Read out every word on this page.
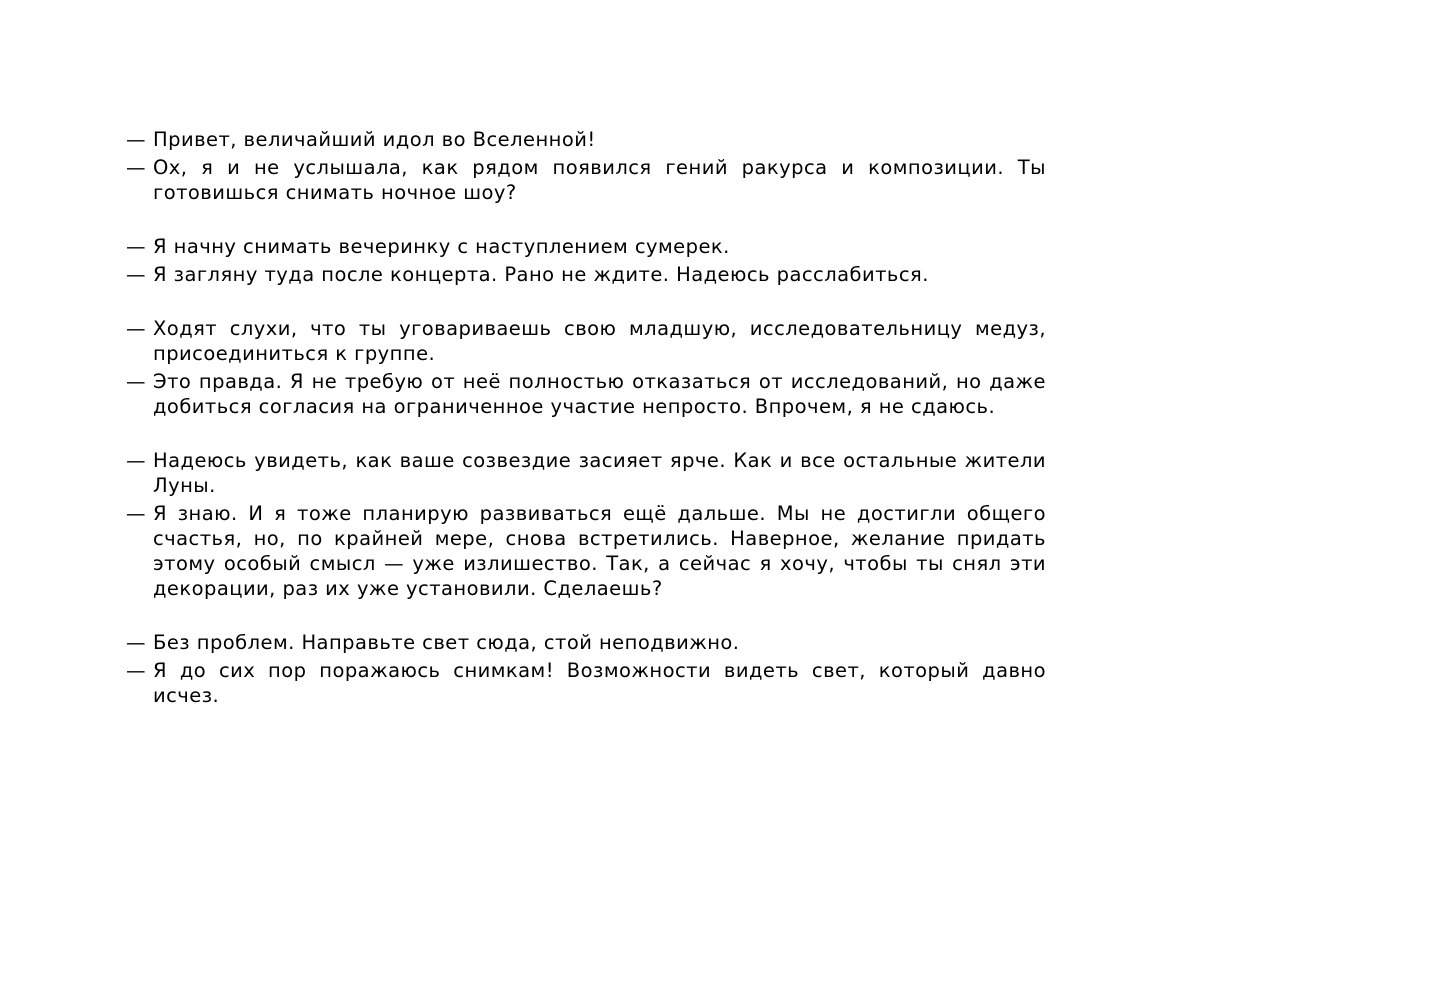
— Привет, величайший идол во Вселенной!

— Ох, я и не услышала, как рядом появился гений ракурса и композиции. Ты готовишься снимать ночное шоу?

— Я начну снимать вечеринку с наступлением сумерек.

— Я загляну туда после концерта. Рано не ждите. Надеюсь расслабиться.

— Ходят слухи, что ты уговариваешь свою младшую, исследовательницу медуз, присоединиться к группе.

— Это правда. Я не требую от неё полностью отказаться от исследований, но даже добиться согласия на ограниченное участие непросто. Впрочем, я не сдаюсь.

— Надеюсь увидеть, как ваше созвездие засияет ярче. Как и все остальные жители Луны.

— Я знаю. И я тоже планирую развиваться ещё дальше. Мы не достигли общего счастья, но, по крайней мере, снова встретились. Наверное, желание придать этому особый смысл — уже излишество. Так, а сейчас я хочу, чтобы ты снял эти декорации, раз их уже установили. Сделаешь?

— Без проблем. Направьте свет сюда, стой неподвижно.

— Я до сих пор поражаюсь снимкам! Возможности видеть свет, который давно исчез.
